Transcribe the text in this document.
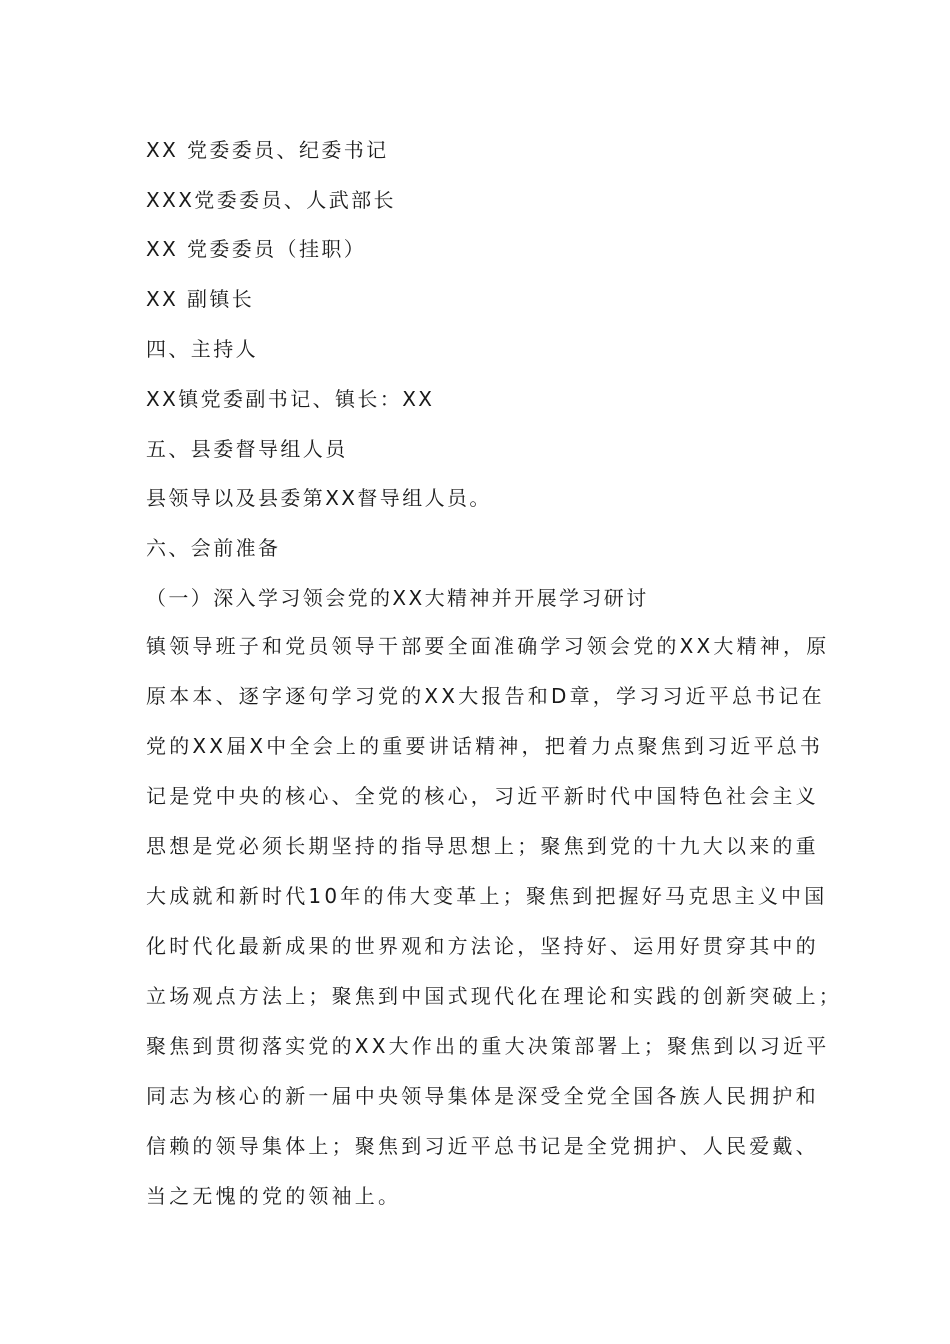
XX 党委委员、纪委书记
XXX党委委员、人武部长
XX 党委委员（挂职）
XX 副镇长
四、主持人
XX镇党委副书记、镇长：XX
五、县委督导组人员
县领导以及县委第XX督导组人员。
六、会前准备
（一）深入学习领会党的XX大精神并开展学习研讨
镇领导班子和党员领导干部要全面准确学习领会党的XX大精神，原
原本本、逐字逐句学习党的XX大报告和D章，学习习近平总书记在
党的XX届X中全会上的重要讲话精神，把着力点聚焦到习近平总书
记是党中央的核心、全党的核心，习近平新时代中国特色社会主义
思想是党必须长期坚持的指导思想上；聚焦到党的十九大以来的重
大成就和新时代10年的伟大变革上；聚焦到把握好马克思主义中国
化时代化最新成果的世界观和方法论，坚持好、运用好贯穿其中的
立场观点方法上；聚焦到中国式现代化在理论和实践的创新突破上；
聚焦到贯彻落实党的XX大作出的重大决策部署上；聚焦到以习近平
同志为核心的新一届中央领导集体是深受全党全国各族人民拥护和
信赖的领导集体上；聚焦到习近平总书记是全党拥护、人民爱戴、
当之无愧的党的领袖上。
